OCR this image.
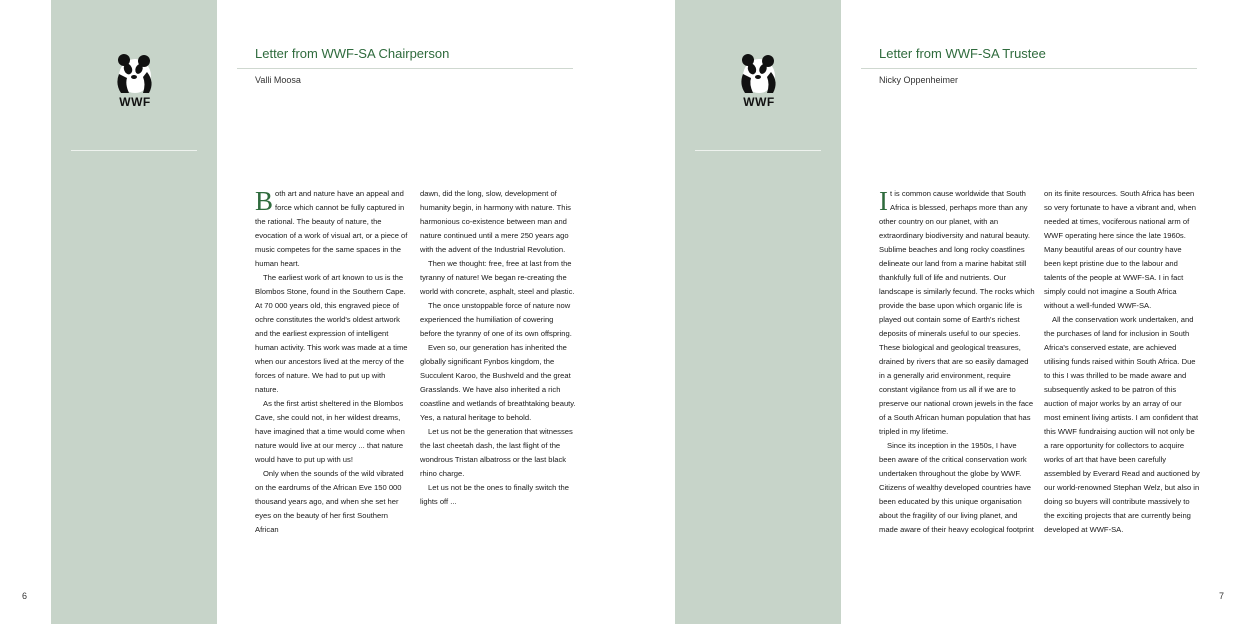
WWF
Letter from WWF-SA Chairperson
Valli Moosa

Both art and nature have an appeal and force which cannot be fully captured in the rational. The beauty of nature, the evocation of a work of visual art, or a piece of music competes for the same spaces in the human heart.

The earliest work of art known to us is the Blombos Stone, found in the Southern Cape. At 70 000 years old, this engraved piece of ochre constitutes the world's oldest artwork and the earliest expression of intelligent human activity. This work was made at a time when our ancestors lived at the mercy of the forces of nature. We had to put up with nature.

As the first artist sheltered in the Blombos Cave, she could not, in her wildest dreams, have imagined that a time would come when nature would live at our mercy ... that nature would have to put up with us!

Only when the sounds of the wild vibrated on the eardrums of the African Eve 150 000 thousand years ago, and when she set her eyes on the beauty of her first Southern African

dawn, did the long, slow, development of humanity begin, in harmony with nature. This harmonious co-existence between man and nature continued until a mere 250 years ago with the advent of the Industrial Revolution.

Then we thought: free, free at last from the tyranny of nature! We began re-creating the world with concrete, asphalt, steel and plastic.

The once unstoppable force of nature now experienced the humiliation of cowering before the tyranny of one of its own offspring.

Even so, our generation has inherited the globally significant Fynbos kingdom, the Succulent Karoo, the Bushveld and the great Grasslands. We have also inherited a rich coastline and wetlands of breathtaking beauty. Yes, a natural heritage to behold.

Let us not be the generation that witnesses the last cheetah dash, the last flight of the wondrous Tristan albatross or the last black rhino charge.

Let us not be the ones to finally switch the lights off ...

6
WWF
Letter from WWF-SA Trustee
Nicky Oppenheimer

It is common cause worldwide that South Africa is blessed, perhaps more than any other country on our planet, with an extraordinary biodiversity and natural beauty. Sublime beaches and long rocky coastlines delineate our land from a marine habitat still thankfully full of life and nutrients. Our landscape is similarly fecund. The rocks which provide the base upon which organic life is played out contain some of Earth's richest deposits of minerals useful to our species. These biological and geological treasures, drained by rivers that are so easily damaged in a generally arid environment, require constant vigilance from us all if we are to preserve our national crown jewels in the face of a South African human population that has tripled in my lifetime.

Since its inception in the 1950s, I have been aware of the critical conservation work undertaken throughout the globe by WWF. Citizens of wealthy developed countries have been educated by this unique organisation about the fragility of our living planet, and made aware of their heavy ecological footprint

on its finite resources. South Africa has been so very fortunate to have a vibrant and, when needed at times, vociferous national arm of WWF operating here since the late 1960s. Many beautiful areas of our country have been kept pristine due to the labour and talents of the people at WWF-SA. I in fact simply could not imagine a South Africa without a well-funded WWF-SA.

All the conservation work undertaken, and the purchases of land for inclusion in South Africa's conserved estate, are achieved utilising funds raised within South Africa. Due to this I was thrilled to be made aware and subsequently asked to be patron of this auction of major works by an array of our most eminent living artists. I am confident that this WWF fundraising auction will not only be a rare opportunity for collectors to acquire works of art that have been carefully assembled by Everard Read and auctioned by our world-renowned Stephan Welz, but also in doing so buyers will contribute massively to the exciting projects that are currently being developed at WWF-SA.

7
